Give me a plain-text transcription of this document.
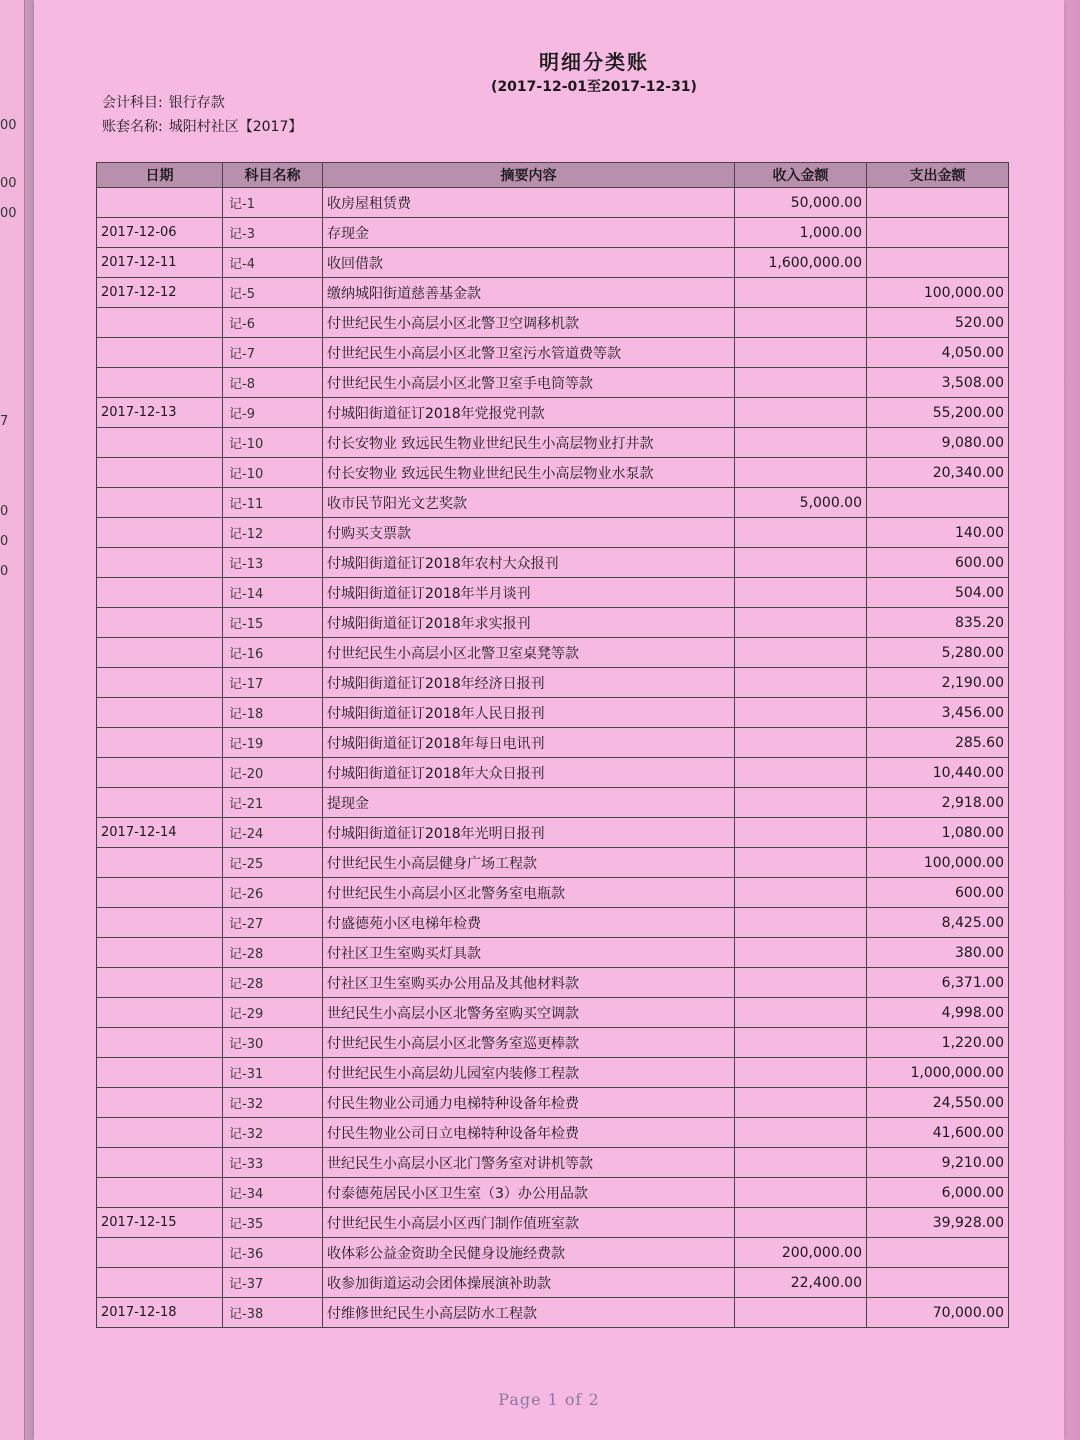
00
00
00
7
0
0
0
明细分类账
(2017-12-01至2017-12-31)
会计科目: 银行存款
账套名称: 城阳村社区【2017】
日期	科目名称	摘要内容	收入金额	支出金额
	记-1	收房屋租赁费	50,000.00	
2017-12-06	记-3	存现金	1,000.00	
2017-12-11	记-4	收回借款	1,600,000.00	
2017-12-12	记-5	缴纳城阳街道慈善基金款		100,000.00
	记-6	付世纪民生小高层小区北警卫空调移机款		520.00
	记-7	付世纪民生小高层小区北警卫室污水管道费等款		4,050.00
	记-8	付世纪民生小高层小区北警卫室手电筒等款		3,508.00
2017-12-13	记-9	付城阳街道征订2018年党报党刊款		55,200.00
	记-10	付长安物业 致远民生物业世纪民生小高层物业打井款		9,080.00
	记-10	付长安物业 致远民生物业世纪民生小高层物业水泵款		20,340.00
	记-11	收市民节阳光文艺奖款	5,000.00	
	记-12	付购买支票款		140.00
	记-13	付城阳街道征订2018年农村大众报刊		600.00
	记-14	付城阳街道征订2018年半月谈刊		504.00
	记-15	付城阳街道征订2018年求实报刊		835.20
	记-16	付世纪民生小高层小区北警卫室桌凳等款		5,280.00
	记-17	付城阳街道征订2018年经济日报刊		2,190.00
	记-18	付城阳街道征订2018年人民日报刊		3,456.00
	记-19	付城阳街道征订2018年每日电讯刊		285.60
	记-20	付城阳街道征订2018年大众日报刊		10,440.00
	记-21	提现金		2,918.00
2017-12-14	记-24	付城阳街道征订2018年光明日报刊		1,080.00
	记-25	付世纪民生小高层健身广场工程款		100,000.00
	记-26	付世纪民生小高层小区北警务室电瓶款		600.00
	记-27	付盛德苑小区电梯年检费		8,425.00
	记-28	付社区卫生室购买灯具款		380.00
	记-28	付社区卫生室购买办公用品及其他材料款		6,371.00
	记-29	世纪民生小高层小区北警务室购买空调款		4,998.00
	记-30	付世纪民生小高层小区北警务室巡更棒款		1,220.00
	记-31	付世纪民生小高层幼儿园室内装修工程款		1,000,000.00
	记-32	付民生物业公司通力电梯特种设备年检费		24,550.00
	记-32	付民生物业公司日立电梯特种设备年检费		41,600.00
	记-33	世纪民生小高层小区北门警务室对讲机等款		9,210.00
	记-34	付泰德苑居民小区卫生室（3）办公用品款		6,000.00
2017-12-15	记-35	付世纪民生小高层小区西门制作值班室款		39,928.00
	记-36	收体彩公益金资助全民健身设施经费款	200,000.00	
	记-37	收参加街道运动会团体操展演补助款	22,400.00	
2017-12-18	记-38	付维修世纪民生小高层防水工程款		70,000.00
Page 1 of 2
